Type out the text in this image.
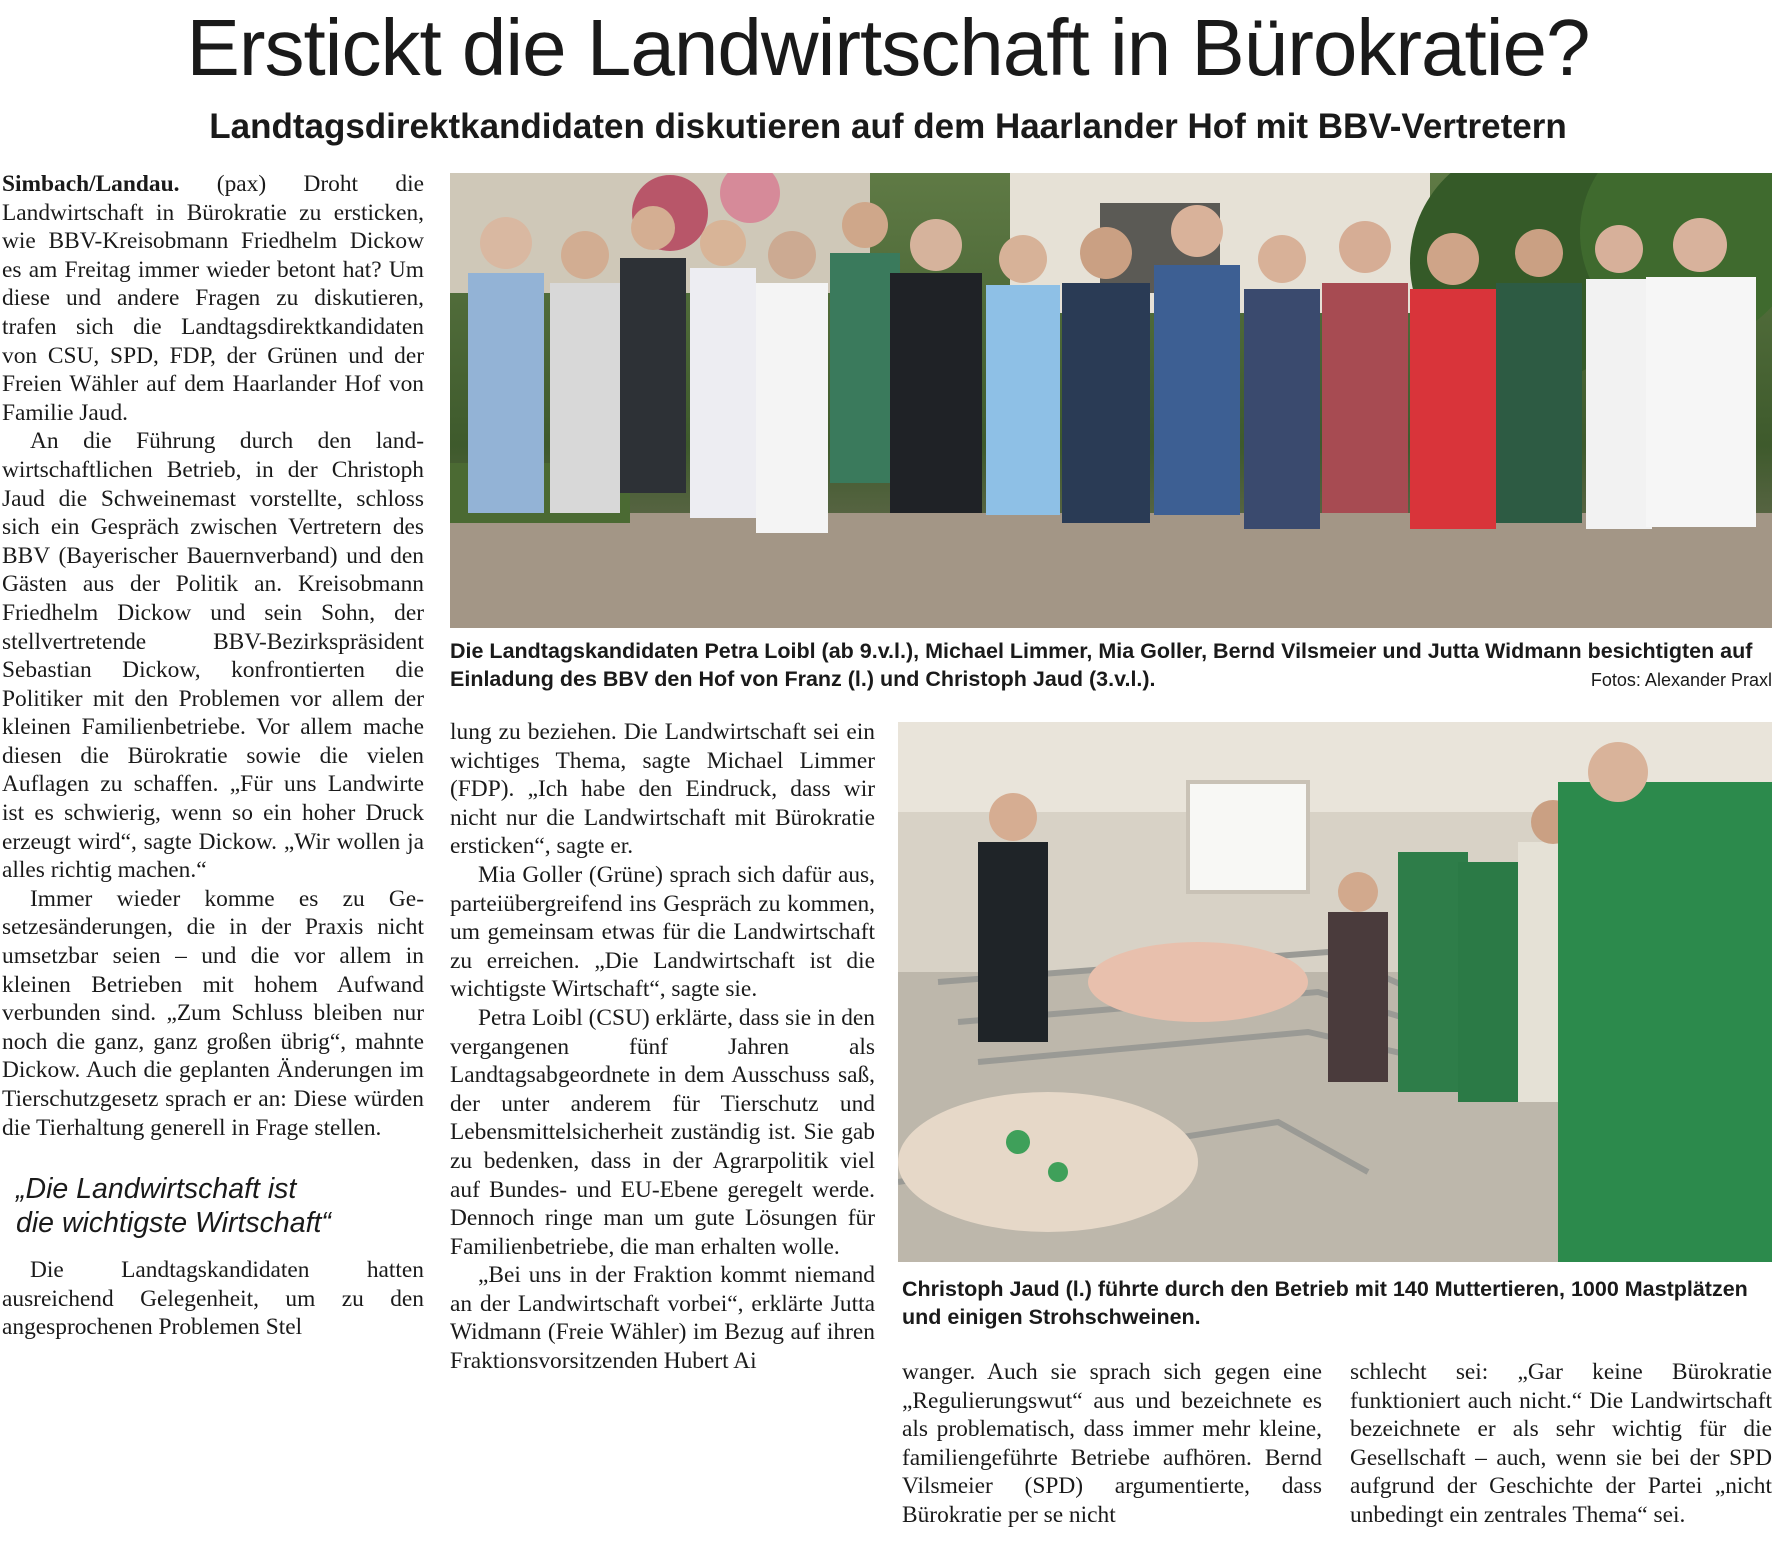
Erstickt die Landwirtschaft in Bürokratie?
Landtagsdirektkandidaten diskutieren auf dem Haarlander Hof mit BBV-Vertretern

Simbach/Landau. (pax) Droht die Landwirtschaft in Bürokratie zu ersticken, wie BBV-Kreisobmann Friedhelm Dickow es am Freitag immer wieder betont hat? Um diese und andere Fragen zu diskutieren, trafen sich die Landtagsdirektkandidaten von CSU, SPD, FDP, der Grünen und der Freien Wähler auf dem Haarlander Hof von Familie Jaud.

An die Führung durch den landwirtschaftlichen Betrieb, in der Christoph Jaud die Schweinemast vorstellte, schloss sich ein Gespräch zwischen Vertretern des BBV (Bayerischer Bauernverband) und den Gästen aus der Politik an. Kreisobmann Friedhelm Dickow und sein Sohn, der stellvertretende BBV-Bezirkspräsident Sebastian Dickow, konfrontierten die Politiker mit den Problemen vor allem der kleinen Familienbetriebe. Vor allem mache diesen die Bürokratie sowie die vielen Auflagen zu schaffen. „Für uns Landwirte ist es schwierig, wenn so ein hoher Druck erzeugt wird“, sagte Dickow. „Wir wollen ja alles richtig machen.“

Immer wieder komme es zu Gesetzesänderungen, die in der Praxis nicht umsetzbar seien – und die vor allem in kleinen Betrieben mit hohem Aufwand verbunden sind. „Zum Schluss bleiben nur noch die ganz, ganz großen übrig“, mahnte Dickow. Auch die geplanten Änderungen im Tierschutzgesetz sprach er an: Diese würden die Tierhaltung generell in Frage stellen.

„Die Landwirtschaft ist
die wichtigste Wirtschaft“

Die Landtagskandidaten hatten ausreichend Gelegenheit, um zu den angesprochenen Problemen Stel

Die Landtagskandidaten Petra Loibl (ab 9.v.l.), Michael Limmer, Mia Goller, Bernd Vilsmeier und Jutta Widmann besichtigten auf Einladung des BBV den Hof von Franz (l.) und Christoph Jaud (3.v.l.).	Fotos: Alexander Praxl

lung zu beziehen. Die Landwirtschaft sei ein wichtiges Thema, sagte Michael Limmer (FDP). „Ich habe den Eindruck, dass wir nicht nur die Landwirtschaft mit Bürokratie ersticken“, sagte er.

Mia Goller (Grüne) sprach sich dafür aus, parteiübergreifend ins Gespräch zu kommen, um gemeinsam etwas für die Landwirtschaft zu erreichen. „Die Landwirtschaft ist die wichtigste Wirtschaft“, sagte sie.

Petra Loibl (CSU) erklärte, dass sie in den vergangenen fünf Jahren als Landtagsabgeordnete in dem Ausschuss saß, der unter anderem für Tierschutz und Lebensmittelsicherheit zuständig ist. Sie gab zu bedenken, dass in der Agrarpolitik viel auf Bundes- und EU-Ebene geregelt werde. Dennoch ringe man um gute Lösungen für Familienbetriebe, die man erhalten wolle.

„Bei uns in der Fraktion kommt niemand an der Landwirtschaft vorbei“, erklärte Jutta Widmann (Freie Wähler) im Bezug auf ihren Fraktionsvorsitzenden Hubert Ai

Christoph Jaud (l.) führte durch den Betrieb mit 140 Muttertieren, 1000 Mastplätzen und einigen Strohschweinen.

wanger. Auch sie sprach sich gegen eine „Regulierungswut“ aus und bezeichnete es als problematisch, dass immer mehr kleine, familiengeführte Betriebe aufhören. Bernd Vilsmeier (SPD) argumentierte, dass Bürokratie per se nicht

schlecht sei: „Gar keine Bürokratie funktioniert auch nicht.“ Die Landwirtschaft bezeichnete er als sehr wichtig für die Gesellschaft – auch, wenn sie bei der SPD aufgrund der Geschichte der Partei „nicht unbedingt ein zentrales Thema“ sei.
